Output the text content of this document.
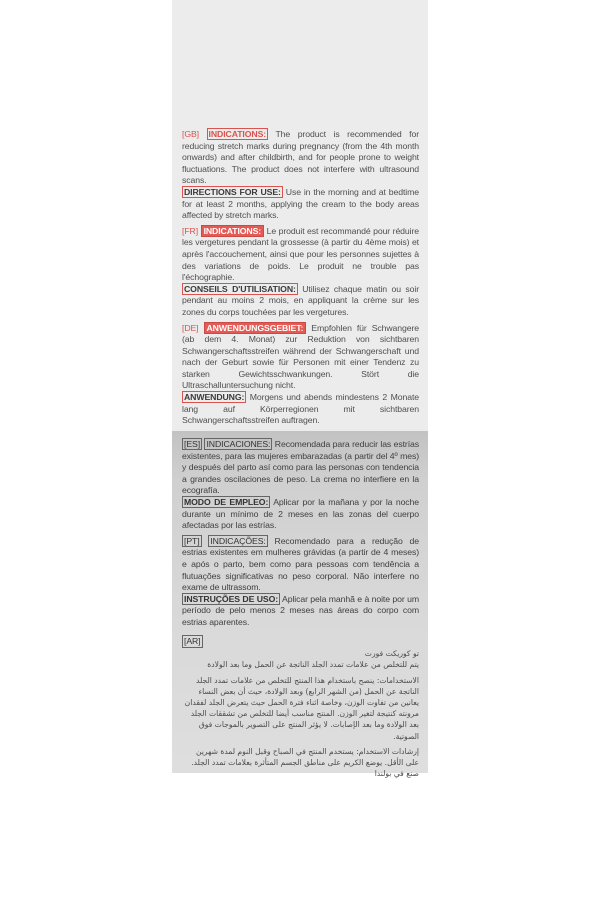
[GB] INDICATIONS: The product is recommended for reducing stretch marks during pregnancy (from the 4th month onwards) and after childbirth, and for people prone to weight fluctuations. The product does not interfere with ultrasound scans.

DIRECTIONS FOR USE: Use in the morning and at bedtime for at least 2 months, applying the cream to the body areas affected by stretch marks.

[FR] INDICATIONS: Le produit est recommandé pour réduire les vergetures pendant la grossesse (à partir du 4ème mois) et après l'accouchement, ainsi que pour les personnes sujettes à des variations de poids. Le produit ne trouble pas l'échographie.

CONSEILS D'UTILISATION: Utilisez chaque matin ou soir pendant au moins 2 mois, en appliquant la crème sur les zones du corps touchées par les vergetures.

[DE] ANWENDUNGSGEBIET: Empfohlen für Schwangere (ab dem 4. Monat) zur Reduktion von sichtbaren Schwangerschaftsstreifen während der Schwangerschaft und nach der Geburt sowie für Personen mit einer Tendenz zu starken Gewichtsschwankungen. Stört die Ultraschalluntersuchung nicht.

ANWENDUNG: Morgens und abends mindestens 2 Monate lang auf Körperregionen mit sichtbaren Schwangerschaftsstreifen auftragen.

[ES] INDICACIONES: Recomendada para reducir las estrías existentes, para las mujeres embarazadas (a partir del 4º mes) y después del parto así como para las personas con tendencia a grandes oscilaciones de peso. La crema no interfiere en la ecografía.

MODO DE EMPLEO: Aplicar por la mañana y por la noche durante un mínimo de 2 meses en las zonas del cuerpo afectadas por las estrías.

[PT] INDICAÇÕES: Recomendado para a redução de estrias existentes em mulheres grávidas (a partir de 4 meses) e após o parto, bem como para pessoas com tendência a flutuações significativas no peso corporal. Não interfere no exame de ultrassom.

INSTRUÇÕES DE USO: Aplicar pela manhã e à noite por um período de pelo menos 2 meses nas áreas do corpo com estrias aparentes.

[AR]

تو كوريكت فورت

يتم للتخلص من علامات تمدد الجلد الناتجة عن الحمل وما بعد الولادة

الاستخدامات: ينصح باستخدام هذا المنتج للتخلص من علامات تمدد الجلد الناتجة عن الحمل (من الشهر الرابع) وبعد الولادة، حيث أن بعض النساء يعانين من تفاوت الوزن، وخاصة اثناء فترة الحمل حيث يتعرض الجلد لفقدان مرونته كنتيجة لتغير الوزن. المنتج مناسب أيضا للتخلص من تشققات الجلد بعد الولادة وما بعد الإصابات. لا يؤثر المنتج على التصوير بالموجات فوق الصوتية.

إرشادات الاستخدام: يستخدم المنتج في الصباح وقبل النوم لمدة شهرين على الأقل. يوضع الكريم على مناطق الجسم المتأثرة بعلامات تمدد الجلد. صنع في بولندا
